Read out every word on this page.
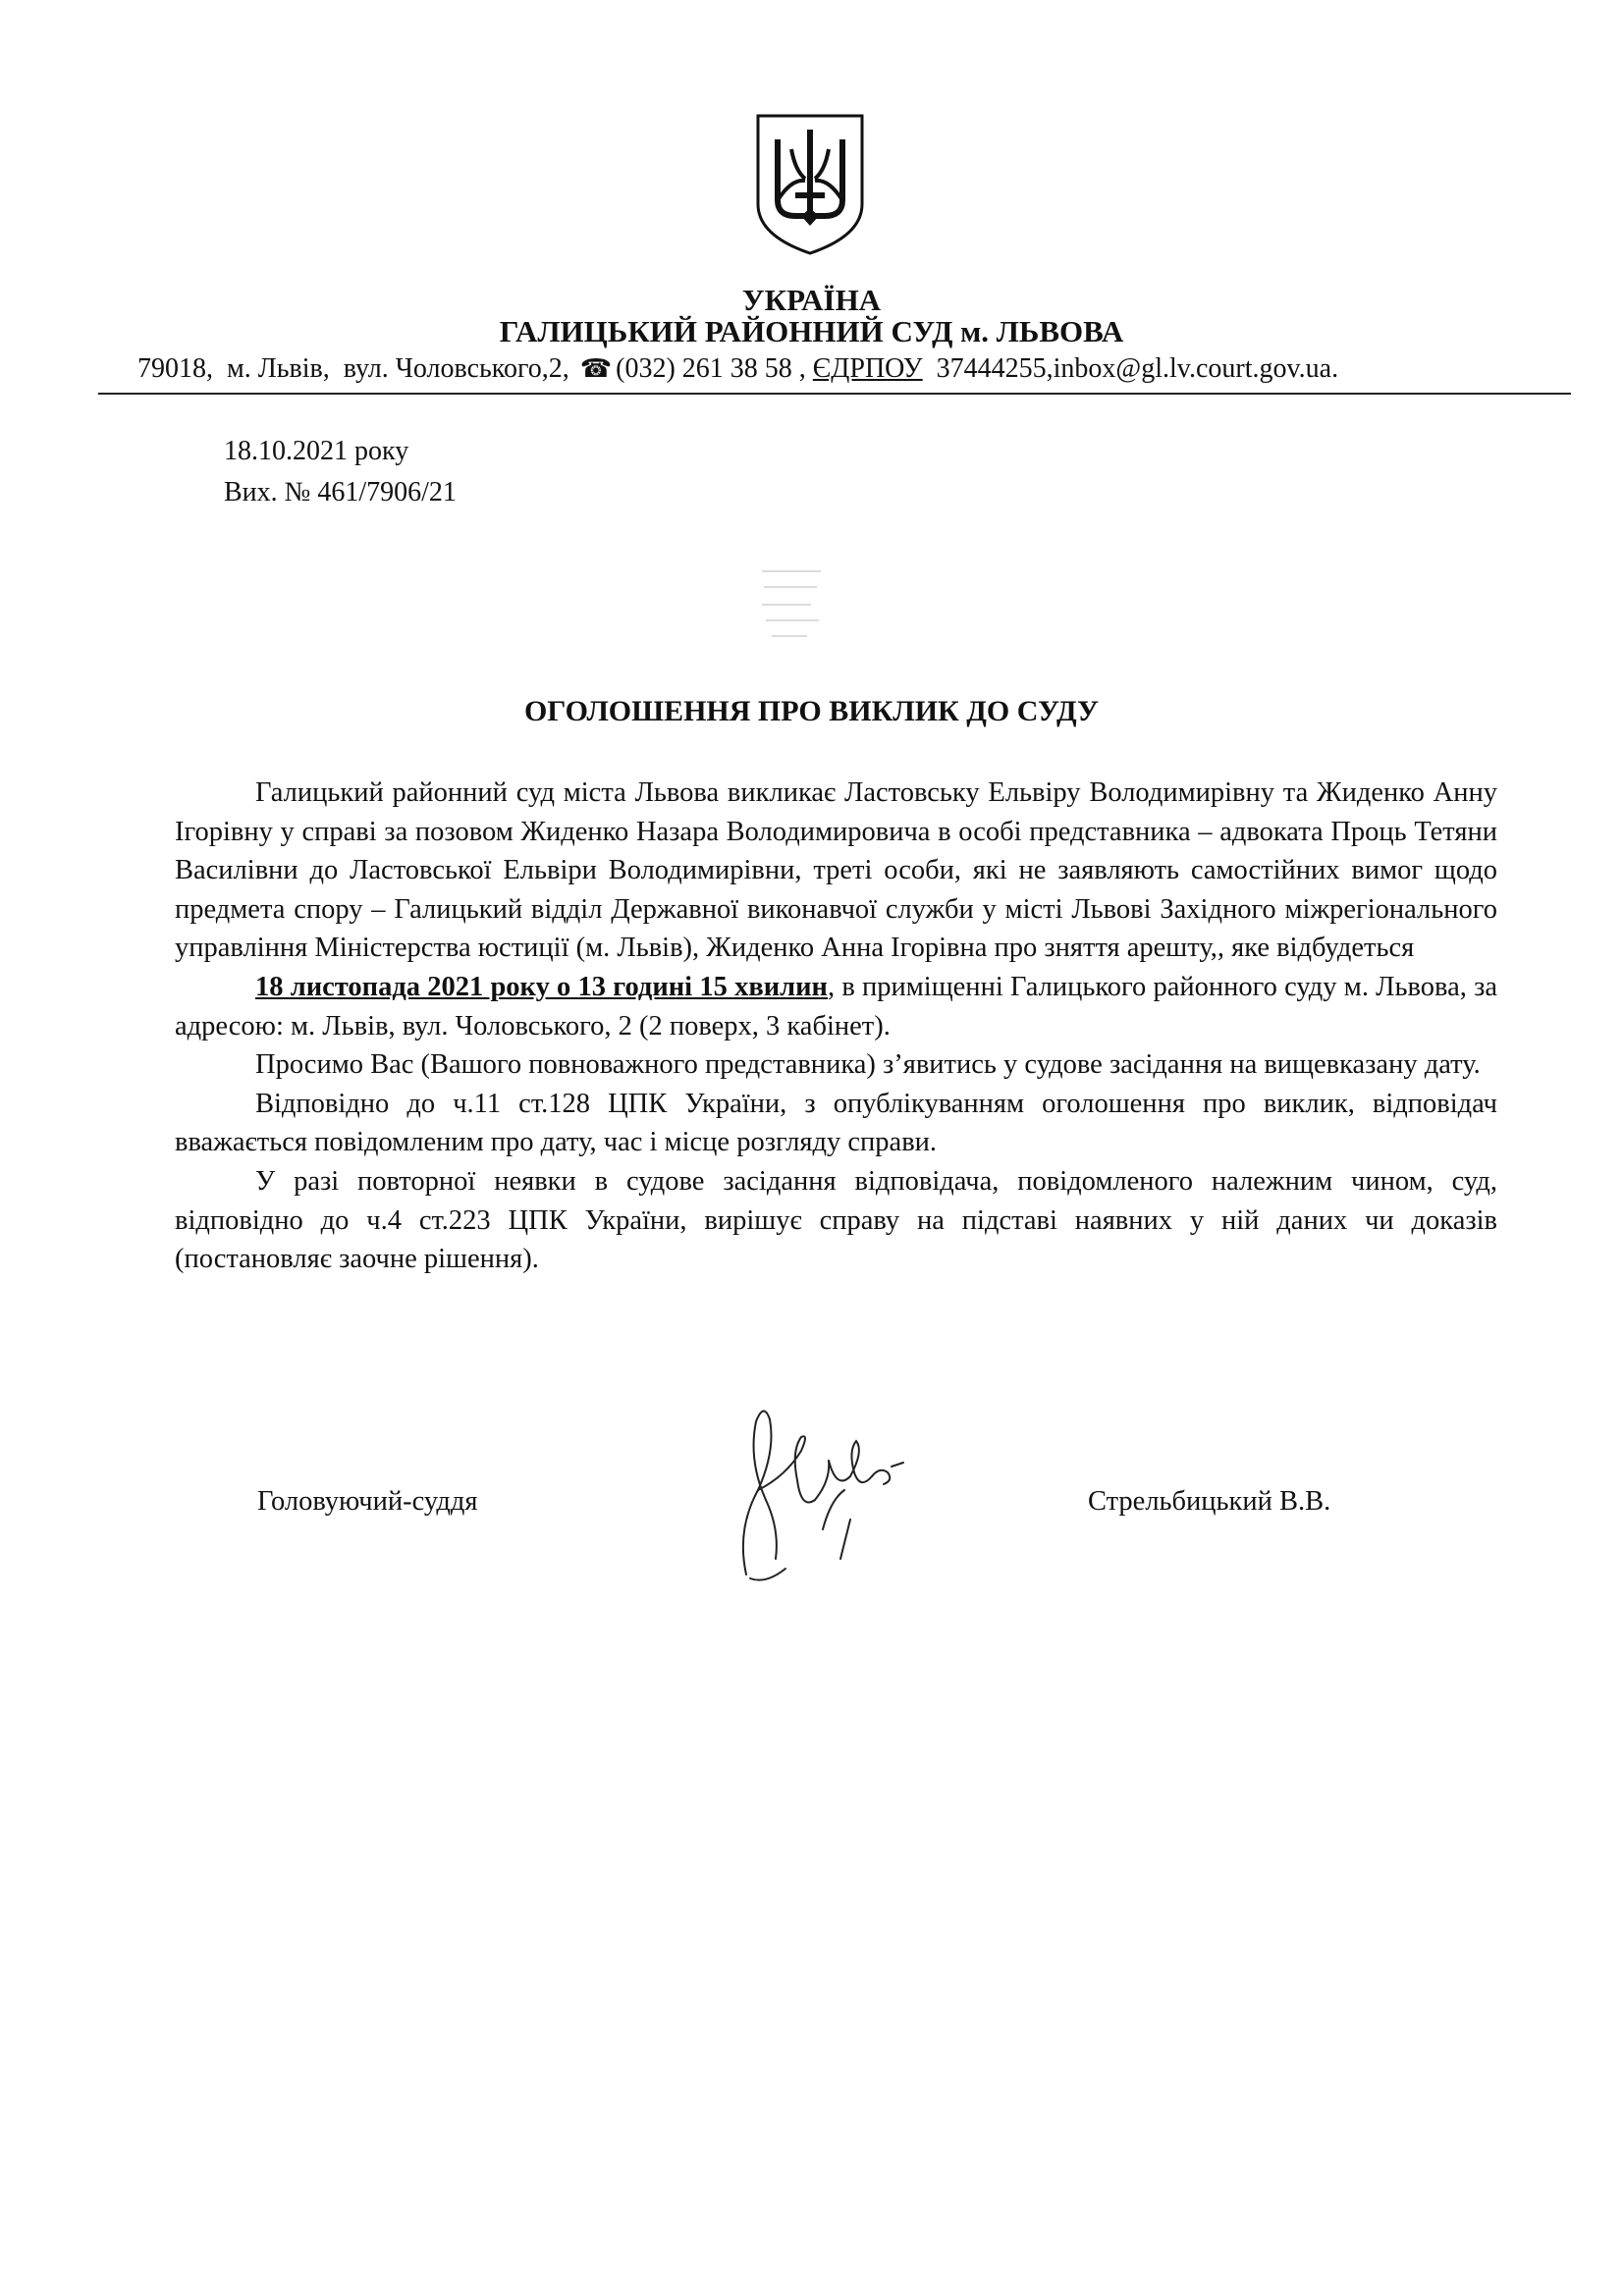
УКРАЇНА
ГАЛИЦЬКИЙ РАЙОННИЙ СУД м. ЛЬВОВА
79018,  м. Львів,  вул. Чоловського,2, ☎ (032) 261 38 58 , ЄДРПОУ 37444255,inbox@gl.lv.court.gov.ua.
18.10.2021 року
Вих. № 461/7906/21
ОГОЛОШЕННЯ ПРО ВИКЛИК ДО СУДУ

Галицький районний суд міста Львова викликає Ластовську Ельвіру Володимирівну та Жиденко Анну Ігорівну у справі за позовом Жиденко Назара Володимировича в особі представника – адвоката Проць Тетяни Василівни до Ластовської Ельвіри Володимирівни, треті особи, які не заявляють самостійних вимог щодо предмета спору – Галицький відділ Державної виконавчої служби у місті Львові Західного міжрегіонального управління Міністерства юстиції (м. Львів), Жиденко Анна Ігорівна про зняття арешту,, яке відбудеться

18 листопада 2021 року о 13 годині 15 хвилин, в приміщенні Галицького районного суду м. Львова, за адресою: м. Львів, вул. Чоловського, 2 (2 поверх, 3 кабінет).

Просимо Вас (Вашого повноважного представника) з’явитись у судове засідання на вищевказану дату.

Відповідно до ч.11 ст.128 ЦПК України, з опублікуванням оголошення про виклик, відповідач вважається повідомленим про дату, час і місце розгляду справи.

У разі повторної неявки в судове засідання відповідача, повідомленого належним чином, суд, відповідно до ч.4 ст.223 ЦПК України, вирішує справу на підставі наявних у ній даних чи доказів (постановляє заочне рішення).

Головуючий-суддя	Стрельбицький В.В.
